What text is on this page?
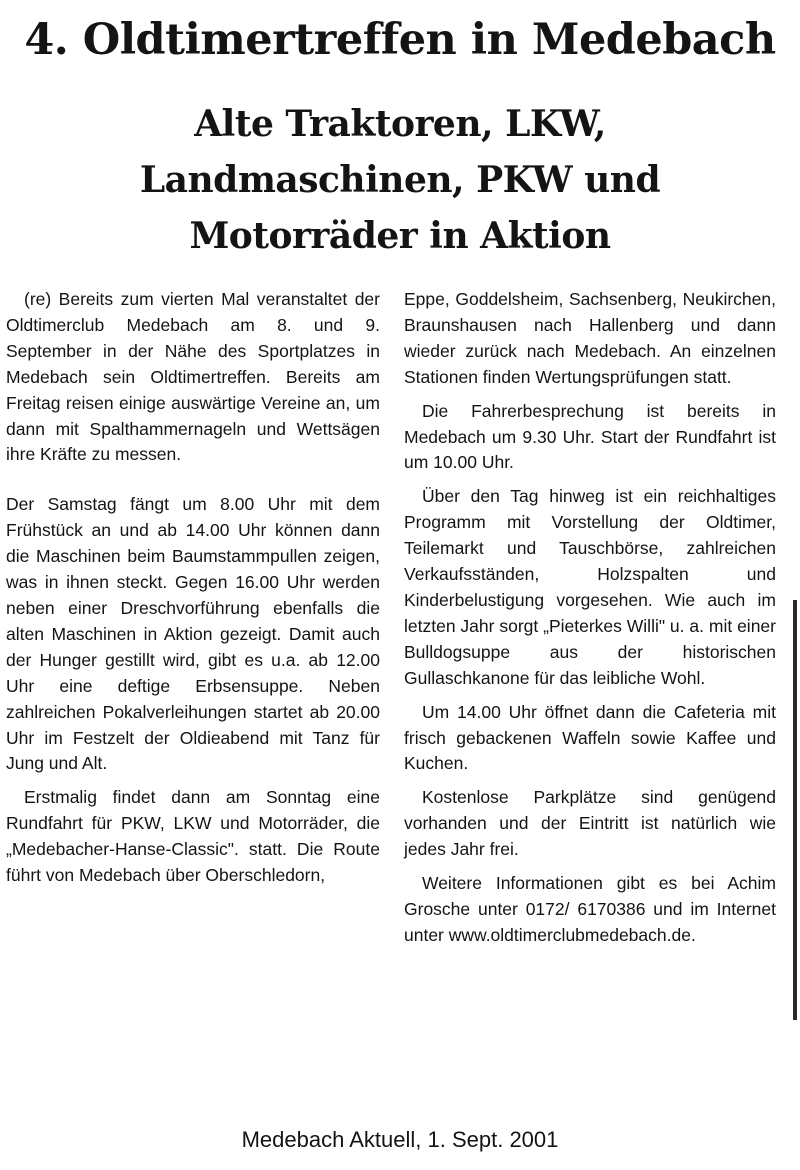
4. Oldtimertreffen in Medebach
Alte Traktoren, LKW,
Landmaschinen, PKW und
Motorräder in Aktion

(re) Bereits zum vierten Mal veranstaltet der Oldtimerclub Medebach am 8. und 9. September in der Nähe des Sportplatzes in Medebach sein Oldtimertreffen. Bereits am Freitag reisen einige auswärtige Vereine an, um dann mit Spalthammernageln und Wettsägen ihre Kräfte zu messen.

Der Samstag fängt um 8.00 Uhr mit dem Frühstück an und ab 14.00 Uhr können dann die Maschinen beim Baumstammpullen zeigen, was in ihnen steckt. Gegen 16.00 Uhr werden neben einer Dreschvorführung ebenfalls die alten Maschinen in Aktion gezeigt. Damit auch der Hunger gestillt wird, gibt es u.a. ab 12.00 Uhr eine deftige Erbsensuppe. Neben zahlreichen Pokalverleihungen startet ab 20.00 Uhr im Festzelt der Oldieabend mit Tanz für Jung und Alt.

Erstmalig findet dann am Sonntag eine Rundfahrt für PKW, LKW und Motorräder, die „Medebacher-Hanse-Classic". statt. Die Route führt von Medebach über Oberschledorn,

Eppe, Goddelsheim, Sachsenberg, Neukirchen, Braunshausen nach Hallenberg und dann wieder zurück nach Medebach. An einzelnen Stationen finden Wertungsprüfungen statt.

Die Fahrerbesprechung ist bereits in Medebach um 9.30 Uhr. Start der Rundfahrt ist um 10.00 Uhr.

Über den Tag hinweg ist ein reichhaltiges Programm mit Vorstellung der Oldtimer, Teilemarkt und Tauschbörse, zahlreichen Verkaufsständen, Holzspalten und Kinderbelustigung vorgesehen. Wie auch im letzten Jahr sorgt „Pieterkes Willi" u. a. mit einer Bulldogsuppe aus der historischen Gullaschkanone für das leibliche Wohl.

Um 14.00 Uhr öffnet dann die Cafeteria mit frisch gebackenen Waffeln sowie Kaffee und Kuchen.

Kostenlose Parkplätze sind genügend vorhanden und der Eintritt ist natürlich wie jedes Jahr frei.

Weitere Informationen gibt es bei Achim Grosche unter 0172/ 6170386 und im Internet unter www.oldtimerclubmedebach.de.

Medebach Aktuell, 1. Sept. 2001
